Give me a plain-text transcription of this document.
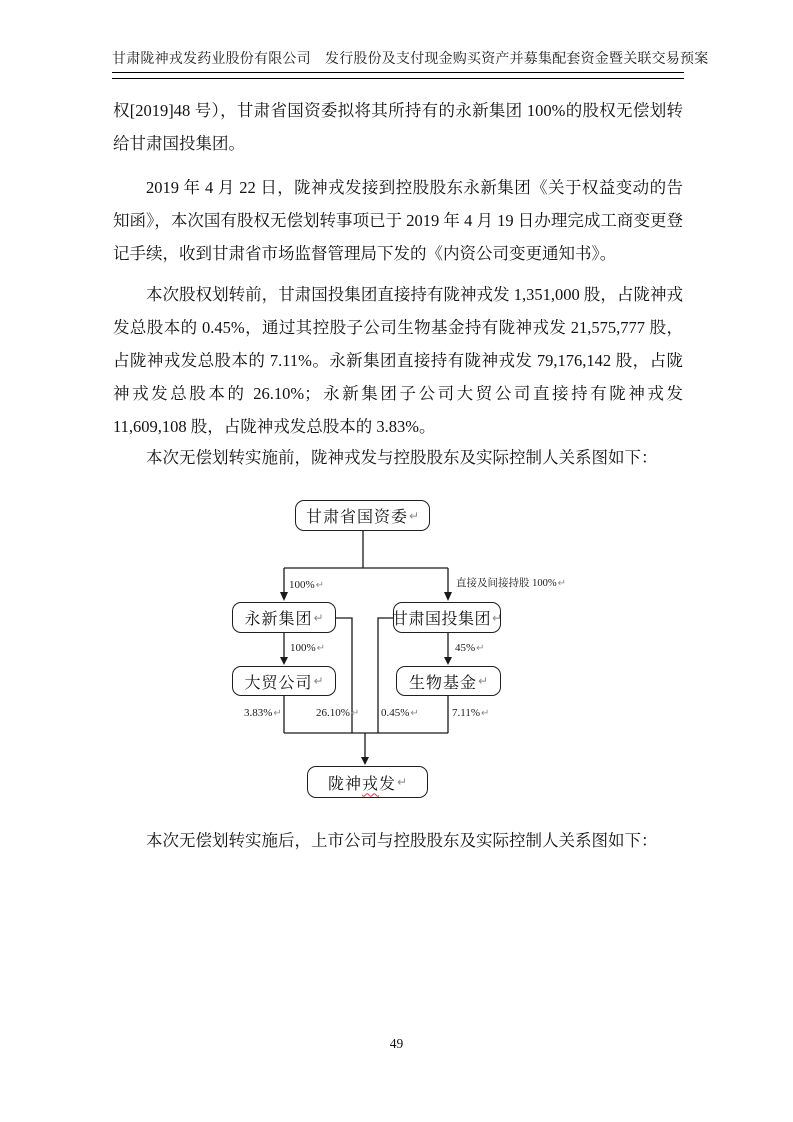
甘肃陇神戎发药业股份有限公司　发行股份及支付现金购买资产并募集配套资金暨关联交易预案
权[2019]48 号），甘肃省国资委拟将其所持有的永新集团 100%的股权无偿划转给甘肃国投集团。
2019 年 4 月 22 日，陇神戎发接到控股股东永新集团《关于权益变动的告知函》，本次国有股权无偿划转事项已于 2019 年 4 月 19 日办理完成工商变更登记手续，收到甘肃省市场监督管理局下发的《内资公司变更通知书》。
本次股权划转前，甘肃国投集团直接持有陇神戎发 1,351,000 股，占陇神戎发总股本的 0.45%，通过其控股子公司生物基金持有陇神戎发 21,575,777 股，占陇神戎发总股本的 7.11%。永新集团直接持有陇神戎发 79,176,142 股，占陇神戎发总股本的 26.10%；永新集团子公司大贸公司直接持有陇神戎发 11,609,108 股，占陇神戎发总股本的 3.83%。
本次无偿划转实施前，陇神戎发与控股股东及实际控制人关系图如下：
甘肃省国资委 ↵
永新集团 ↵	甘肃国投集团 ↵
大贸公司 ↵	生物基金 ↵
陇神 戎 发 ↵
100%↵	直接及间接持股 100%↵
100%↵	45%↵
3.83%↵	26.10%↵ 0.45%↵	7.11%↵
本次无偿划转实施后，上市公司与控股股东及实际控制人关系图如下：
49
